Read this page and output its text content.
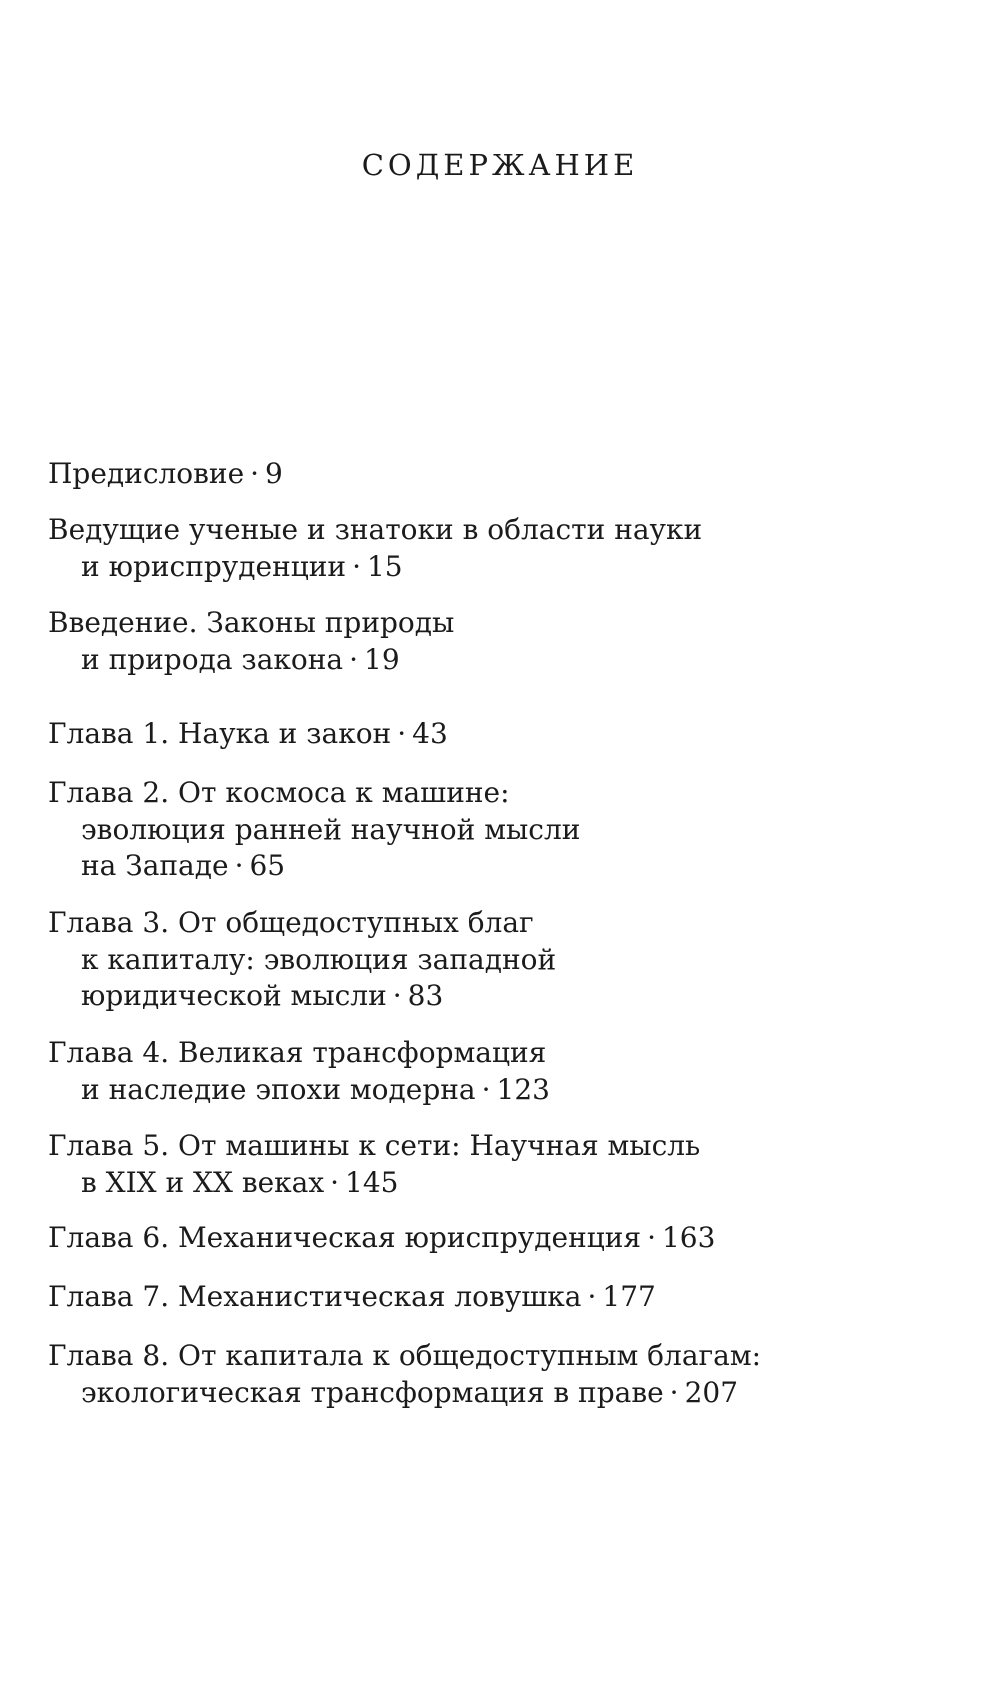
СОДЕРЖАНИЕ
Предисловие · 9
Ведущие ученые и знатоки в области науки
и юриспруденции · 15
Введение. Законы природы
и природа закона · 19
Глава 1. Наука и закон · 43
Глава 2. От космоса к машине:
эволюция ранней научной мысли
на Западе · 65
Глава 3. От общедоступных благ
к капиталу: эволюция западной
юридической мысли · 83
Глава 4. Великая трансформация
и наследие эпохи модерна · 123
Глава 5. От машины к сети: Научная мысль
в XIX и XX веках · 145
Глава 6. Механическая юриспруденция · 163
Глава 7. Механистическая ловушка · 177
Глава 8. От капитала к общедоступным благам:
экологическая трансформация в праве · 207
